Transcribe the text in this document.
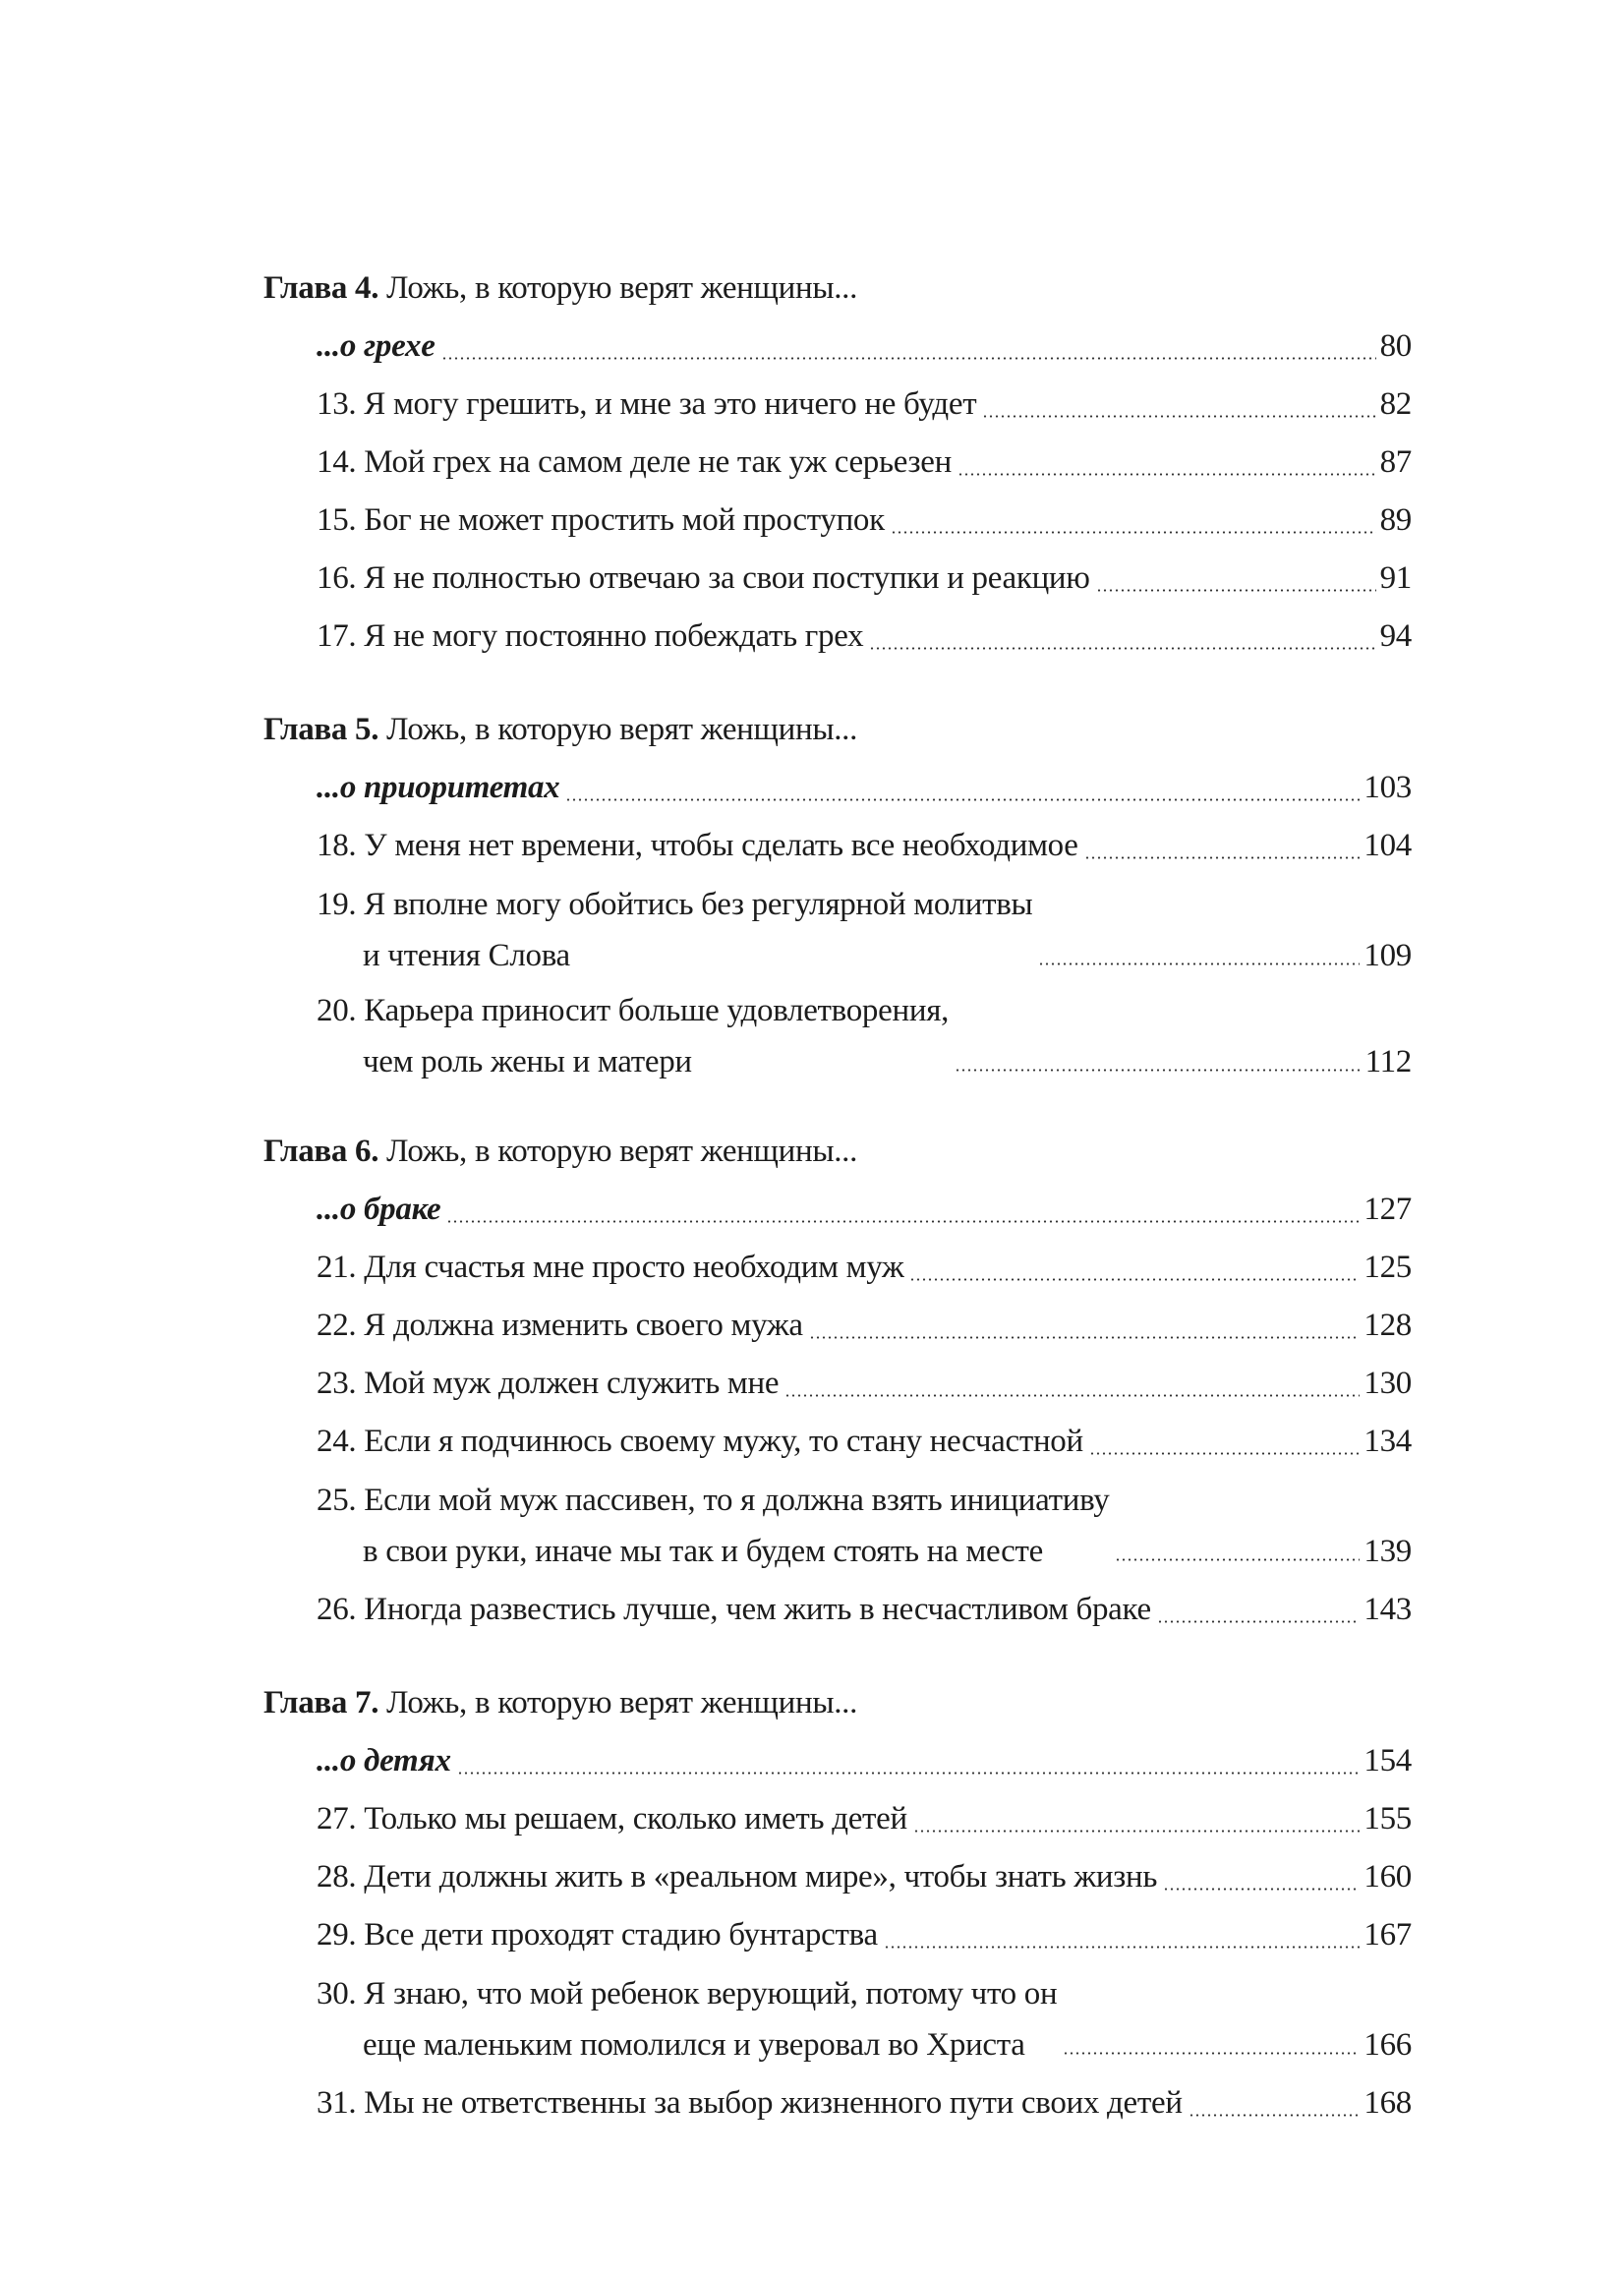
Глава 4. Ложь, в которую верят женщины...
...о грехе	80
13. Я могу грешить, и мне за это ничего не будет	82
14. Мой грех на самом деле не так уж серьезен	87
15. Бог не может простить мой проступок	89
16. Я не полностью отвечаю за свои поступки и реакцию	91
17. Я не могу постоянно побеждать грех	94
Глава 5. Ложь, в которую верят женщины...
...о приоритетах	103
18. У меня нет времени, чтобы сделать все необходимое	104
19. Я вполне могу обойтись без регулярной молитвы
и чтения Слова	109
20. Карьера приносит больше удовлетворения,
чем роль жены и матери	112
Глава 6. Ложь, в которую верят женщины...
...о браке	127
21. Для счастья мне просто необходим муж	125
22. Я должна изменить своего мужа	128
23. Мой муж должен служить мне	130
24. Если я подчинюсь своему мужу, то стану несчастной	134
25. Если мой муж пассивен, то я должна взять инициативу
в свои руки, иначе мы так и будем стоять на месте	139
26. Иногда развестись лучше, чем жить в несчастливом браке	143
Глава 7. Ложь, в которую верят женщины...
...о детях	154
27. Только мы решаем, сколько иметь детей	155
28. Дети должны жить в «реальном мире», чтобы знать жизнь	160
29. Все дети проходят стадию бунтарства	167
30. Я знаю, что мой ребенок верующий, потому что он
еще маленьким помолился и уверовал во Христа	166
31. Мы не ответственны за выбор жизненного пути своих детей	168
